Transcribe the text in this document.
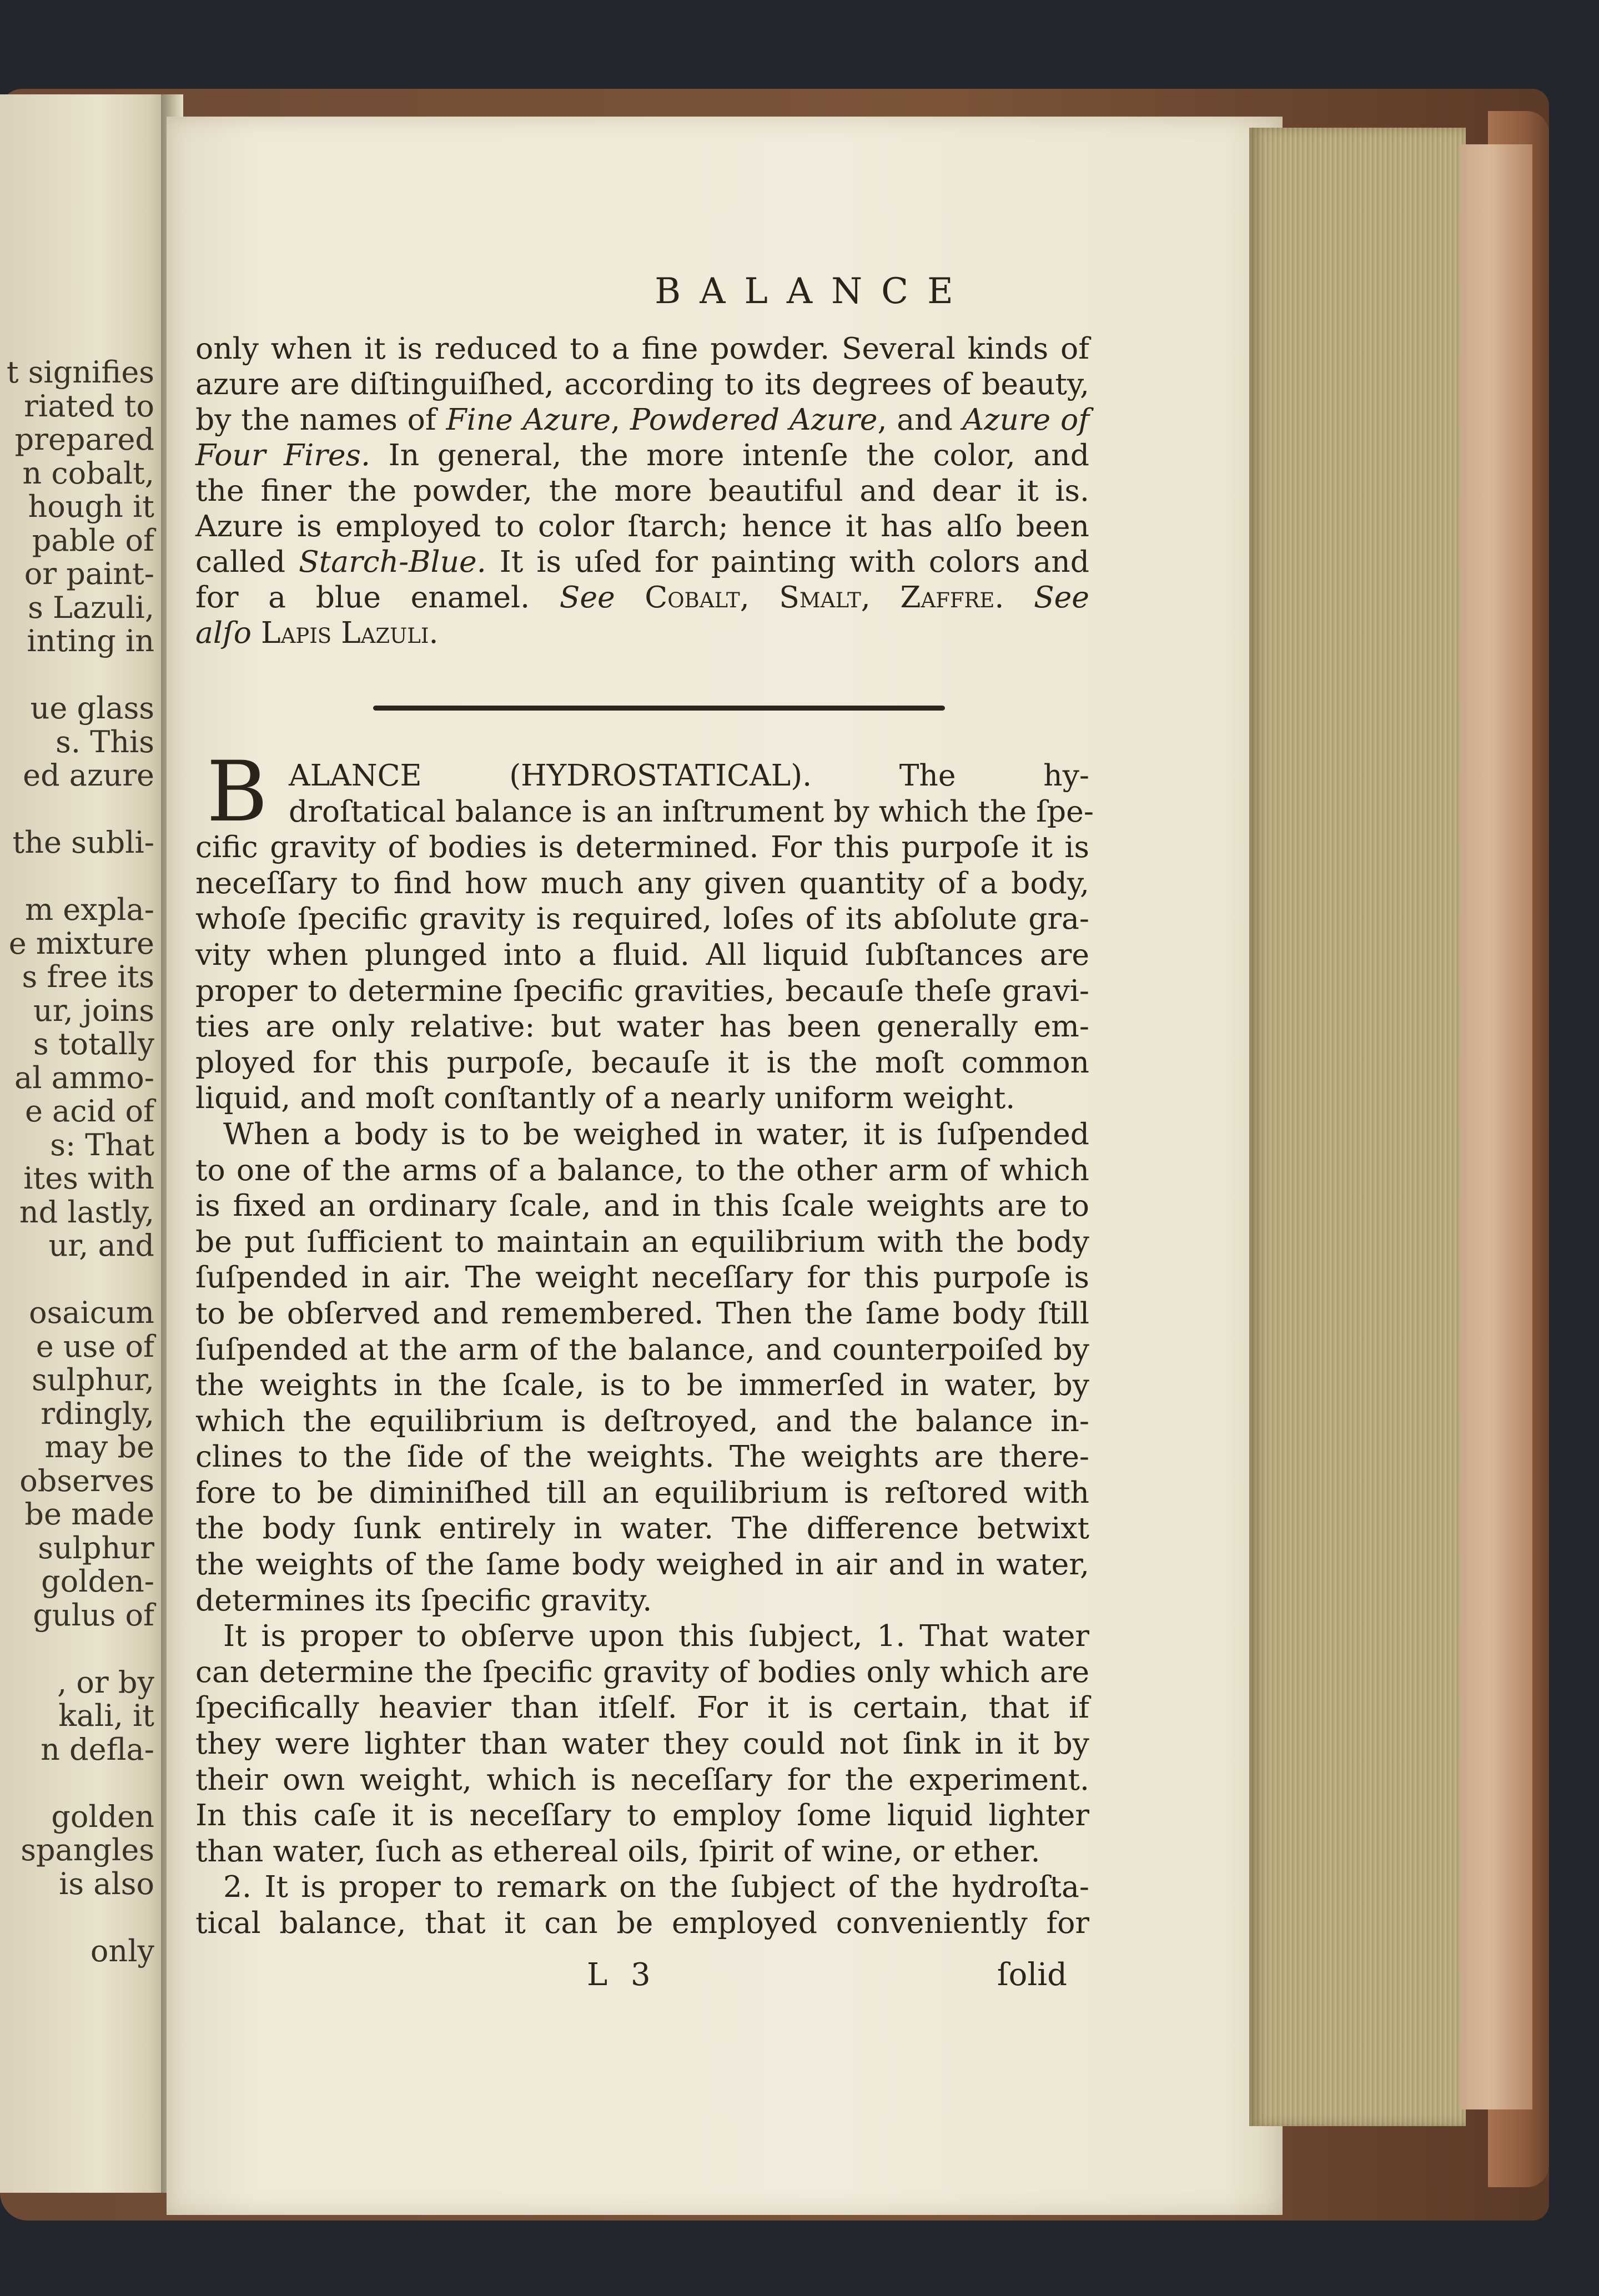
t signifies
riated to
prepared
n cobalt,
hough it
pable of
or paint-
s Lazuli,
inting in
ue glass
s. This
ed azure
the subli-
m expla-
e mixture
s free its
ur, joins
s totally
al ammo-
e acid of
s: That
ites with
nd lastly,
ur, and
osaicum
e use of
sulphur,
rdingly,
may be
observes
be made
sulphur
golden-
gulus of
, or by
kali, it
n defla-
golden
spangles
is also
only
BALANCE
only when it is reduced to a fine powder. Several kinds of
azure are diſtinguiſhed, according to its degrees of beauty,
by the names of Fine Azure, Powdered Azure, and Azure of
Four Fires. In general, the more intenſe the color, and
the finer the powder, the more beautiful and dear it is.
Azure is employed to color ſtarch; hence it has alſo been
called Starch-Blue. It is uſed for painting with colors and
for a blue enamel. See Cobalt, Smalt, Zaffre. See
alſo Lapis Lazuli.
B ALANCE (HYDROSTATICAL). The hy-
droſtatical balance is an inſtrument by which the ſpe-
cific gravity of bodies is determined. For this purpoſe it is
neceſſary to find how much any given quantity of a body,
whoſe ſpecific gravity is required, loſes of its abſolute gra-
vity when plunged into a fluid. All liquid ſubſtances are
proper to determine ſpecific gravities, becauſe theſe gravi-
ties are only relative: but water has been generally em-
ployed for this purpoſe, becauſe it is the moſt common
liquid, and moſt conſtantly of a nearly uniform weight.
When a body is to be weighed in water, it is ſuſpended
to one of the arms of a balance, to the other arm of which
is fixed an ordinary ſcale, and in this ſcale weights are to
be put ſufficient to maintain an equilibrium with the body
ſuſpended in air. The weight neceſſary for this purpoſe is
to be obſerved and remembered. Then the ſame body ſtill
ſuſpended at the arm of the balance, and counterpoiſed by
the weights in the ſcale, is to be immerſed in water, by
which the equilibrium is deſtroyed, and the balance in-
clines to the ſide of the weights. The weights are there-
fore to be diminiſhed till an equilibrium is reſtored with
the body ſunk entirely in water. The difference betwixt
the weights of the ſame body weighed in air and in water,
determines its ſpecific gravity.
It is proper to obſerve upon this ſubject, 1. That water
can determine the ſpecific gravity of bodies only which are
ſpecifically heavier than itſelf. For it is certain, that if
they were lighter than water they could not ſink in it by
their own weight, which is neceſſary for the experiment.
In this caſe it is neceſſary to employ ſome liquid lighter
than water, ſuch as ethereal oils, ſpirit of wine, or ether.
2. It is proper to remark on the ſubject of the hydroſta-
tical balance, that it can be employed conveniently for
L 3	ſolid
